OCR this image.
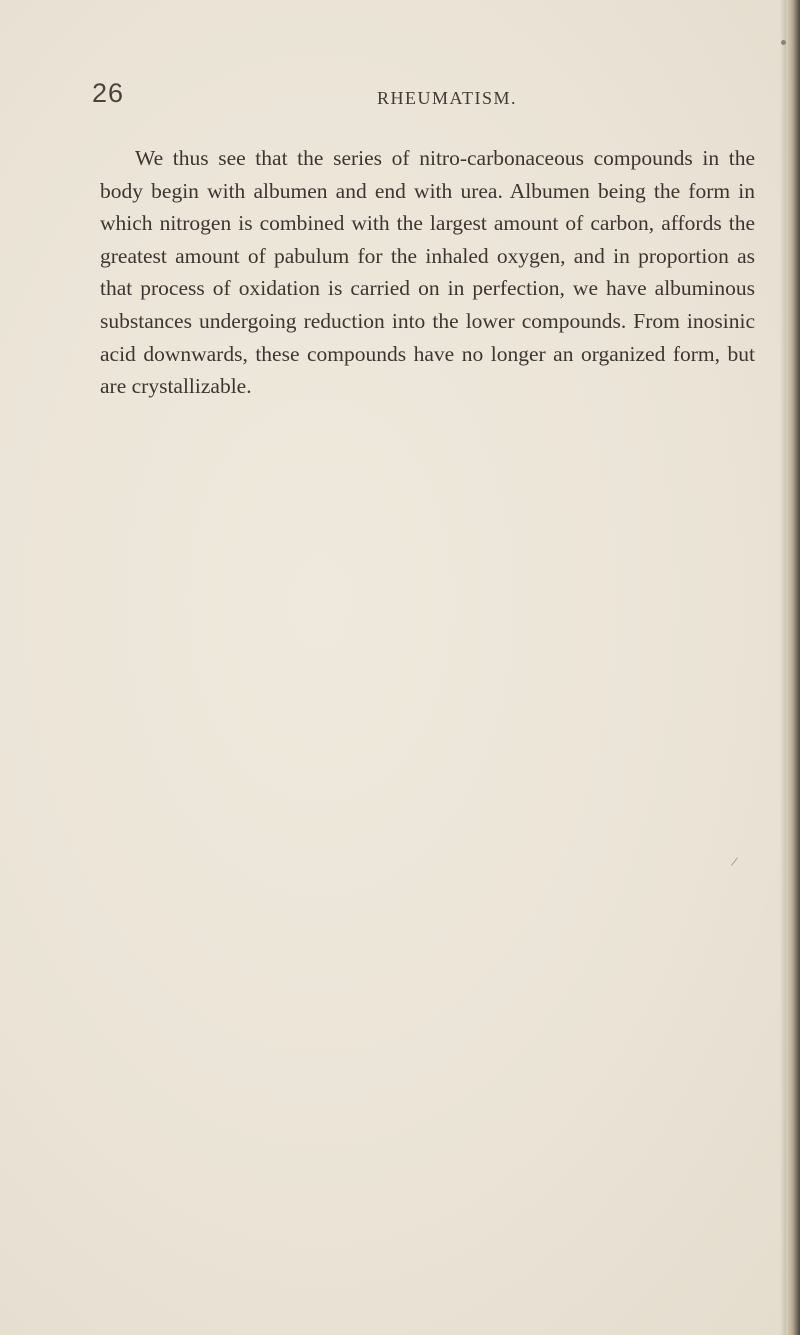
26	RHEUMATISM.

We thus see that the series of nitro-carbonaceous compounds in the body begin with albumen and end with urea. Albumen being the form in which nitrogen is combined with the largest amount of carbon, affords the greatest amount of pabulum for the inhaled oxygen, and in proportion as that process of oxidation is carried on in perfection, we have albuminous substances undergoing reduction into the lower compounds. From inosinic acid downwards, these compounds have no longer an organized form, but are crystallizable.

/
